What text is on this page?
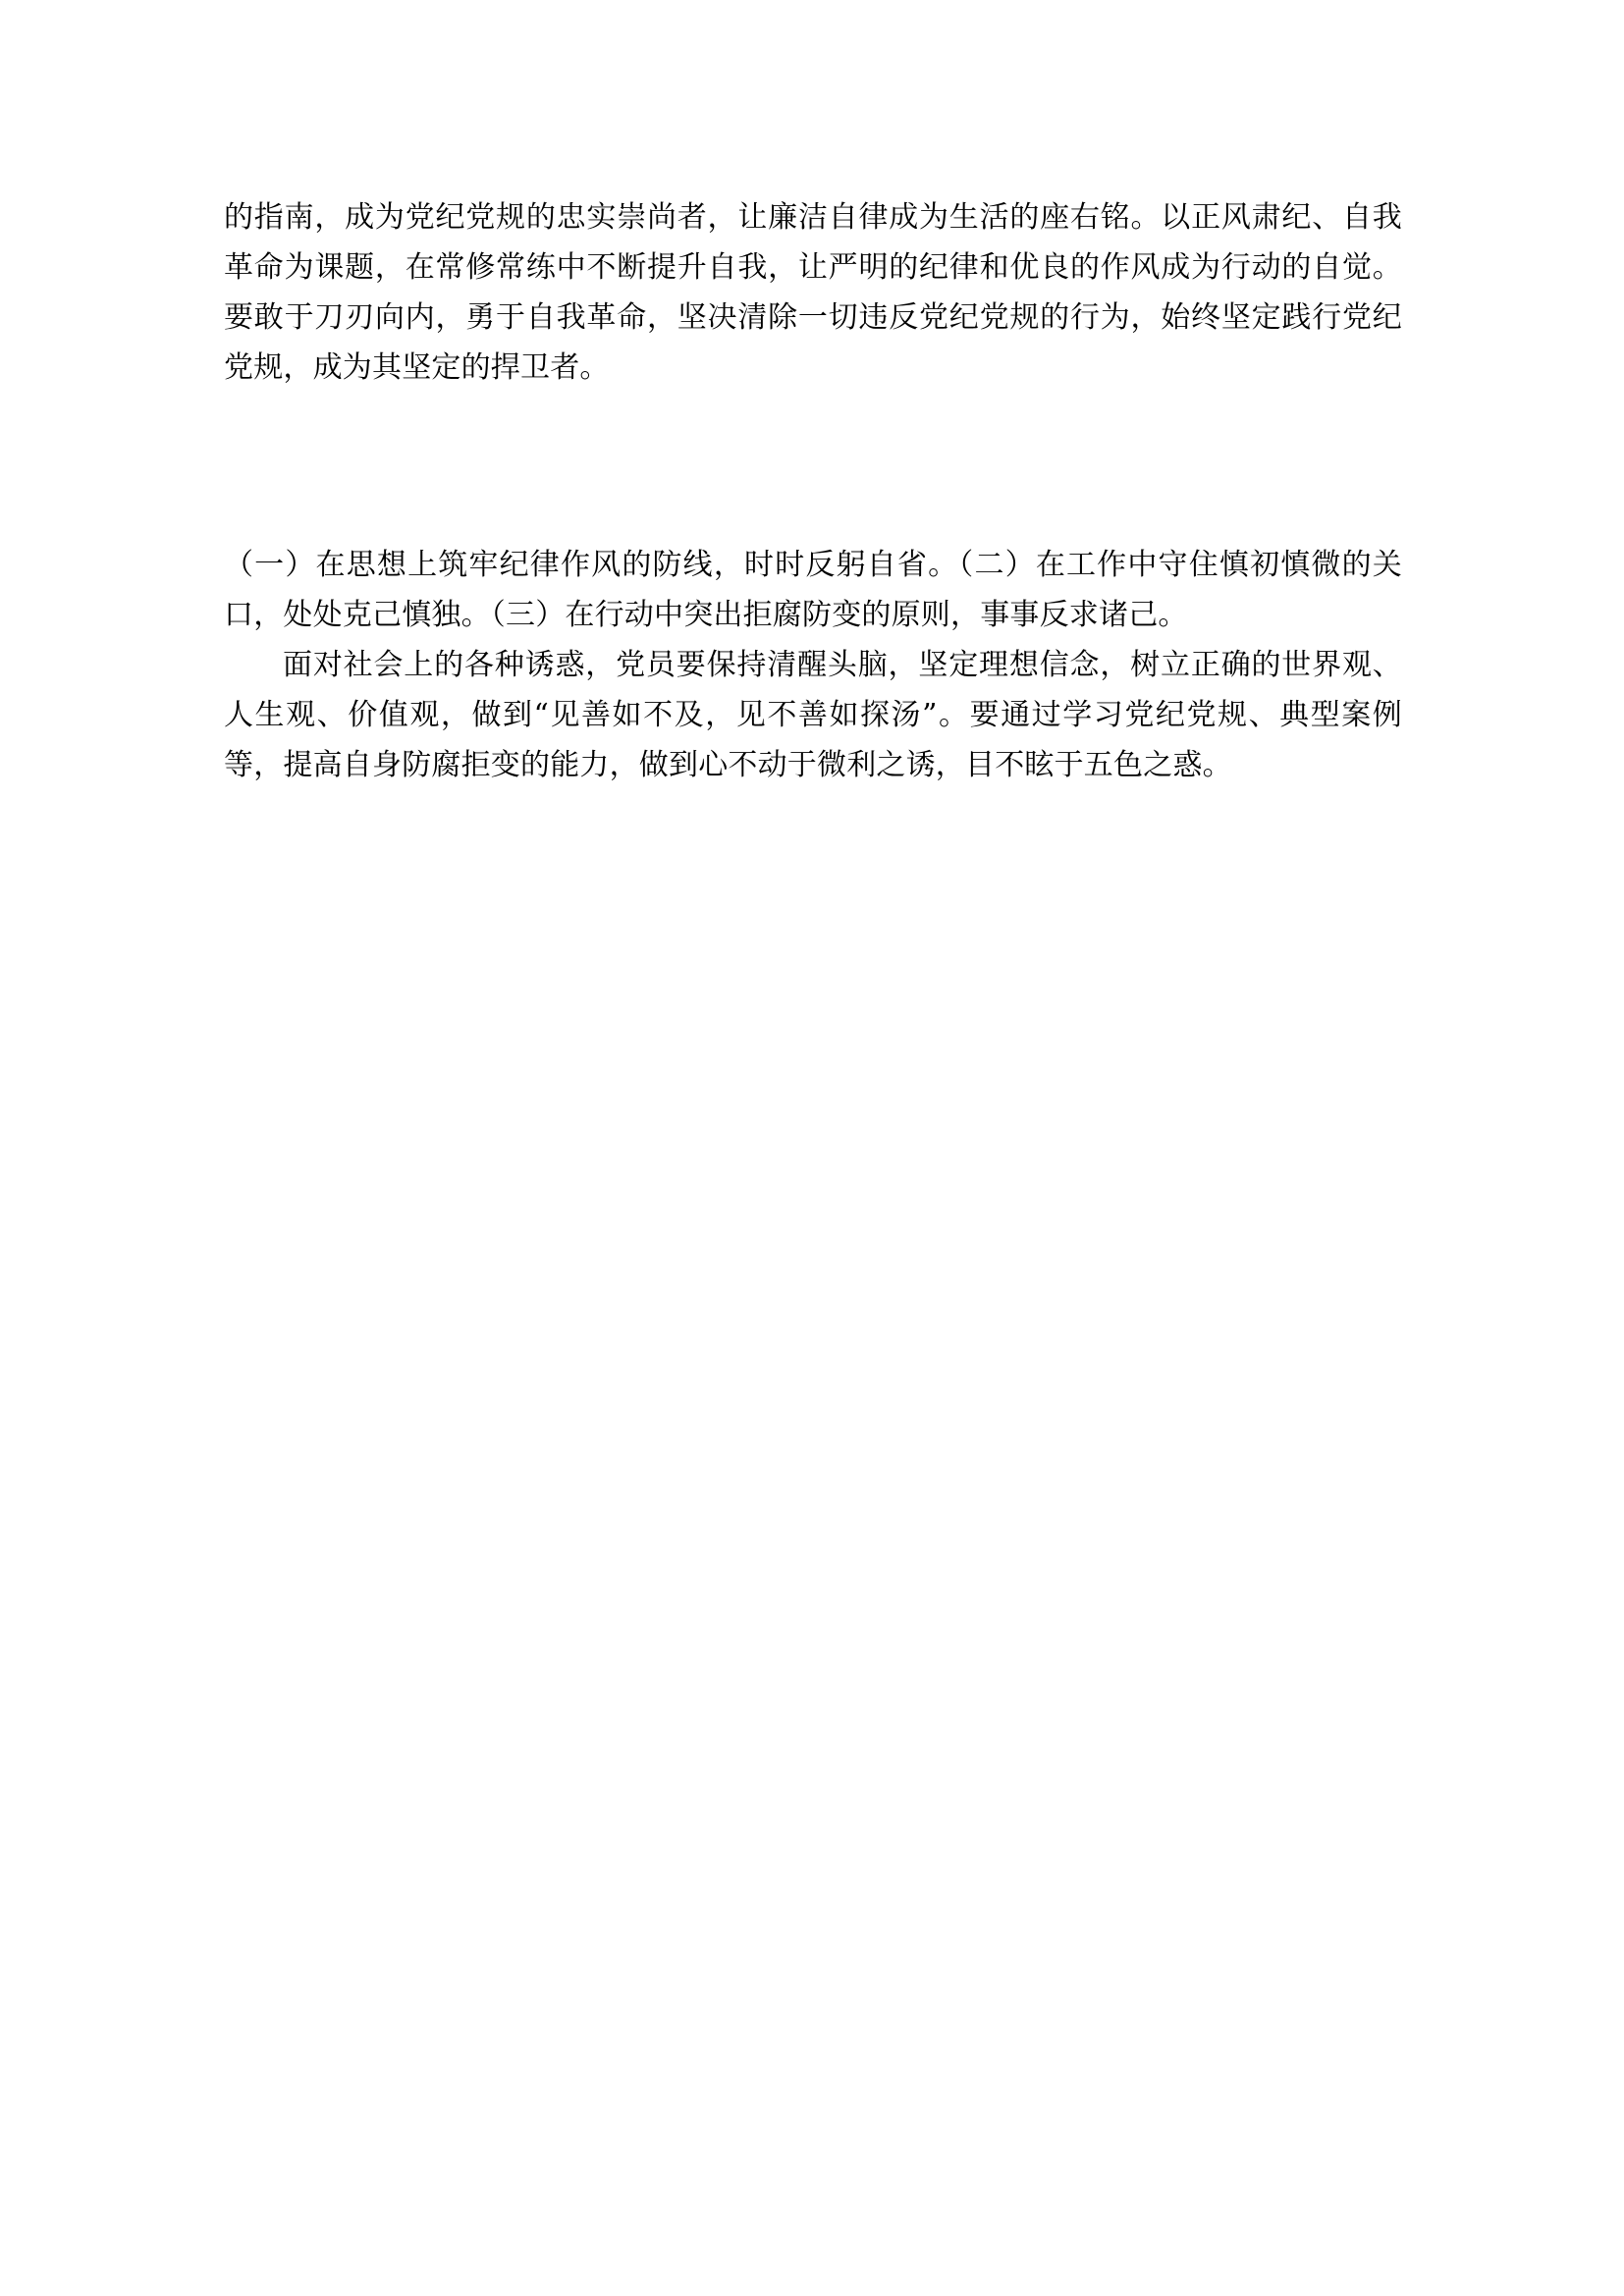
的指南，成为党纪党规的忠实崇尚者，让廉洁自律成为生活的座右铭。以正风肃纪、自我革命为课题，在常修常练中不断提升自我，让严明的纪律和优良的作风成为行动的自觉。要敢于刀刃向内，勇于自我革命，坚决清除一切违反党纪党规的行为，始终坚定践行党纪党规，成为其坚定的捍卫者。

（一）在思想上筑牢纪律作风的防线，时时反躬自省。（二）在工作中守住慎初慎微的关口，处处克己慎独。（三）在行动中突出拒腐防变的原则，事事反求诸己。

面对社会上的各种诱惑，党员要保持清醒头脑，坚定理想信念，树立正确的世界观、人生观、价值观，做到“见善如不及，见不善如探汤”。要通过学习党纪党规、典型案例等，提高自身防腐拒变的能力，做到心不动于微利之诱，目不眩于五色之惑。
